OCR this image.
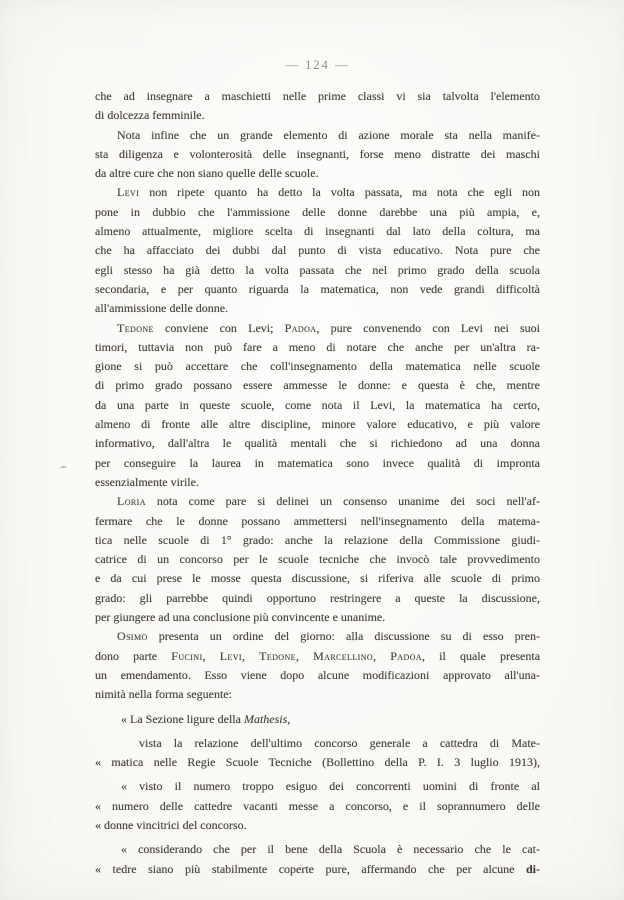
— 124 —
che ad insegnare a maschietti nelle prime classi vi sia talvolta l'elemento
di dolcezza femminile.
Nota infine che un grande elemento di azione morale sta nella manife-
sta diligenza e volonterosità delle insegnanti, forse meno distratte dei maschi
da altre cure che non siano quelle delle scuole.
Levi non ripete quanto ha detto la volta passata, ma nota che egli non
pone in dubbio che l'ammissione delle donne darebbe una più ampia, e,
almeno attualmente, migliore scelta di insegnanti dal lato della coltura, ma
che ha affacciato dei dubbi dal punto di vista educativo. Nota pure che
egli stesso ha già detto la volta passata che nel primo grado della scuola
secondaria, e per quanto riguarda la matematica, non vede grandi difficoltà
all'ammissione delle donne.
Tedone conviene con Levi; Padoa, pure convenendo con Levi nei suoi
timori, tuttavia non può fare a meno di notare che anche per un'altra ra-
gione si può accettare che coll'insegnamento della matematica nelle scuole
di primo grado possano essere ammesse le donne: e questa è che, mentre
da una parte in queste scuole, come nota il Levi, la matematica ha certo,
almeno di fronte alle altre discipline, minore valore educativo, e più valore
informativo, dall'altra le qualità mentali che si richiedono ad una donna
per conseguire la laurea in matematica sono invece qualità di impronta
essenzialmente virile.
Loria nota come pare si delinei un consenso unanime dei soci nell'af-
fermare che le donne possano ammettersi nell'insegnamento della matema-
tica nelle scuole di 1° grado: anche la relazione della Commissione giudi-
catrice di un concorso per le scuole tecniche che invocò tale provvedimento
e da cui prese le mosse questa discussione, si riferiva alle scuole di primo
grado: gli parrebbe quindi opportuno restringere a queste la discussione,
per giungere ad una conclusione più convincente e unanime.
Osimo presenta un ordine del giorno: alla discussione su di esso pren-
dono parte Fucini, Levi, Tedone, Marcellino, Padoa, il quale presenta
un emendamento. Esso viene dopo alcune modificazioni approvato all'una-
nimità nella forma seguente:
« La Sezione ligure della Mathesis,
vista la relazione dell'ultimo concorso generale a cattedra di Mate-
« matica nelle Regie Scuole Tecniche (Bollettino della P. I. 3 luglio 1913),
« visto il numero troppo esiguo dei concorrenti uomini di fronte al
« numero delle cattedre vacanti messe a concorso, e il soprannumero delle
« donne vincitrici del concorso.
« considerando che per il bene della Scuola è necessario che le cat-
« tedre siano più stabilmente coperte pure, affermando che per alcune di-
